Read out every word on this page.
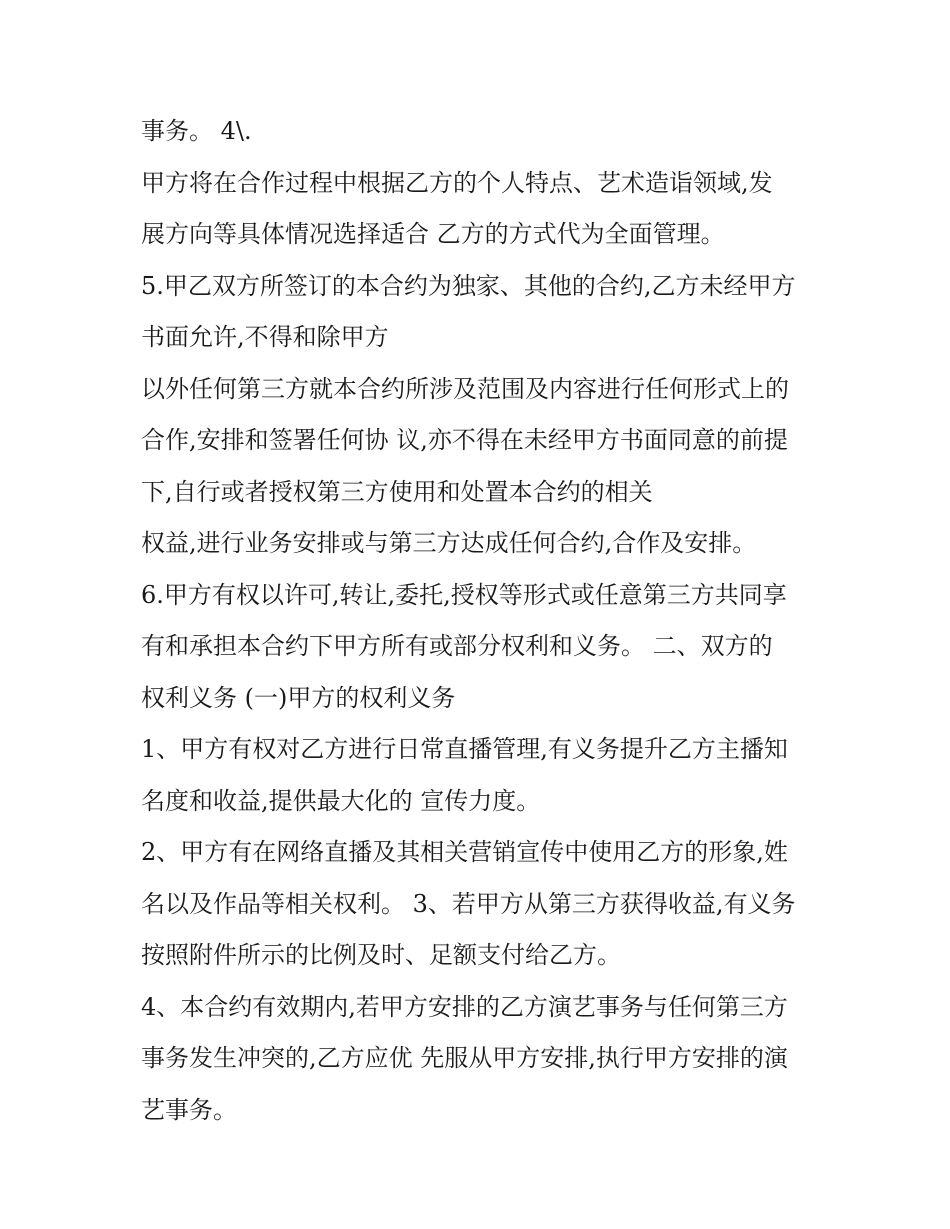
事务。 4\.
甲方将在合作过程中根据乙方的个人特点、艺术造诣领域,发
展方向等具体情况选择适合 乙方的方式代为全面管理。
5.甲乙双方所签订的本合约为独家、其他的合约,乙方未经甲方
书面允许,不得和除甲方
以外任何第三方就本合约所涉及范围及内容进行任何形式上的
合作,安排和签署任何协 议,亦不得在未经甲方书面同意的前提
下,自行或者授权第三方使用和处置本合约的相关
权益,进行业务安排或与第三方达成任何合约,合作及安排。
6.甲方有权以许可,转让,委托,授权等形式或任意第三方共同享
有和承担本合约下甲方所有或部分权利和义务。 二、双方的
权利义务 (一)甲方的权利义务
1、甲方有权对乙方进行日常直播管理,有义务提升乙方主播知
名度和收益,提供最大化的 宣传力度。
2、甲方有在网络直播及其相关营销宣传中使用乙方的形象,姓
名以及作品等相关权利。 3、若甲方从第三方获得收益,有义务
按照附件所示的比例及时、足额支付给乙方。
4、本合约有效期内,若甲方安排的乙方演艺事务与任何第三方
事务发生冲突的,乙方应优 先服从甲方安排,执行甲方安排的演
艺事务。
